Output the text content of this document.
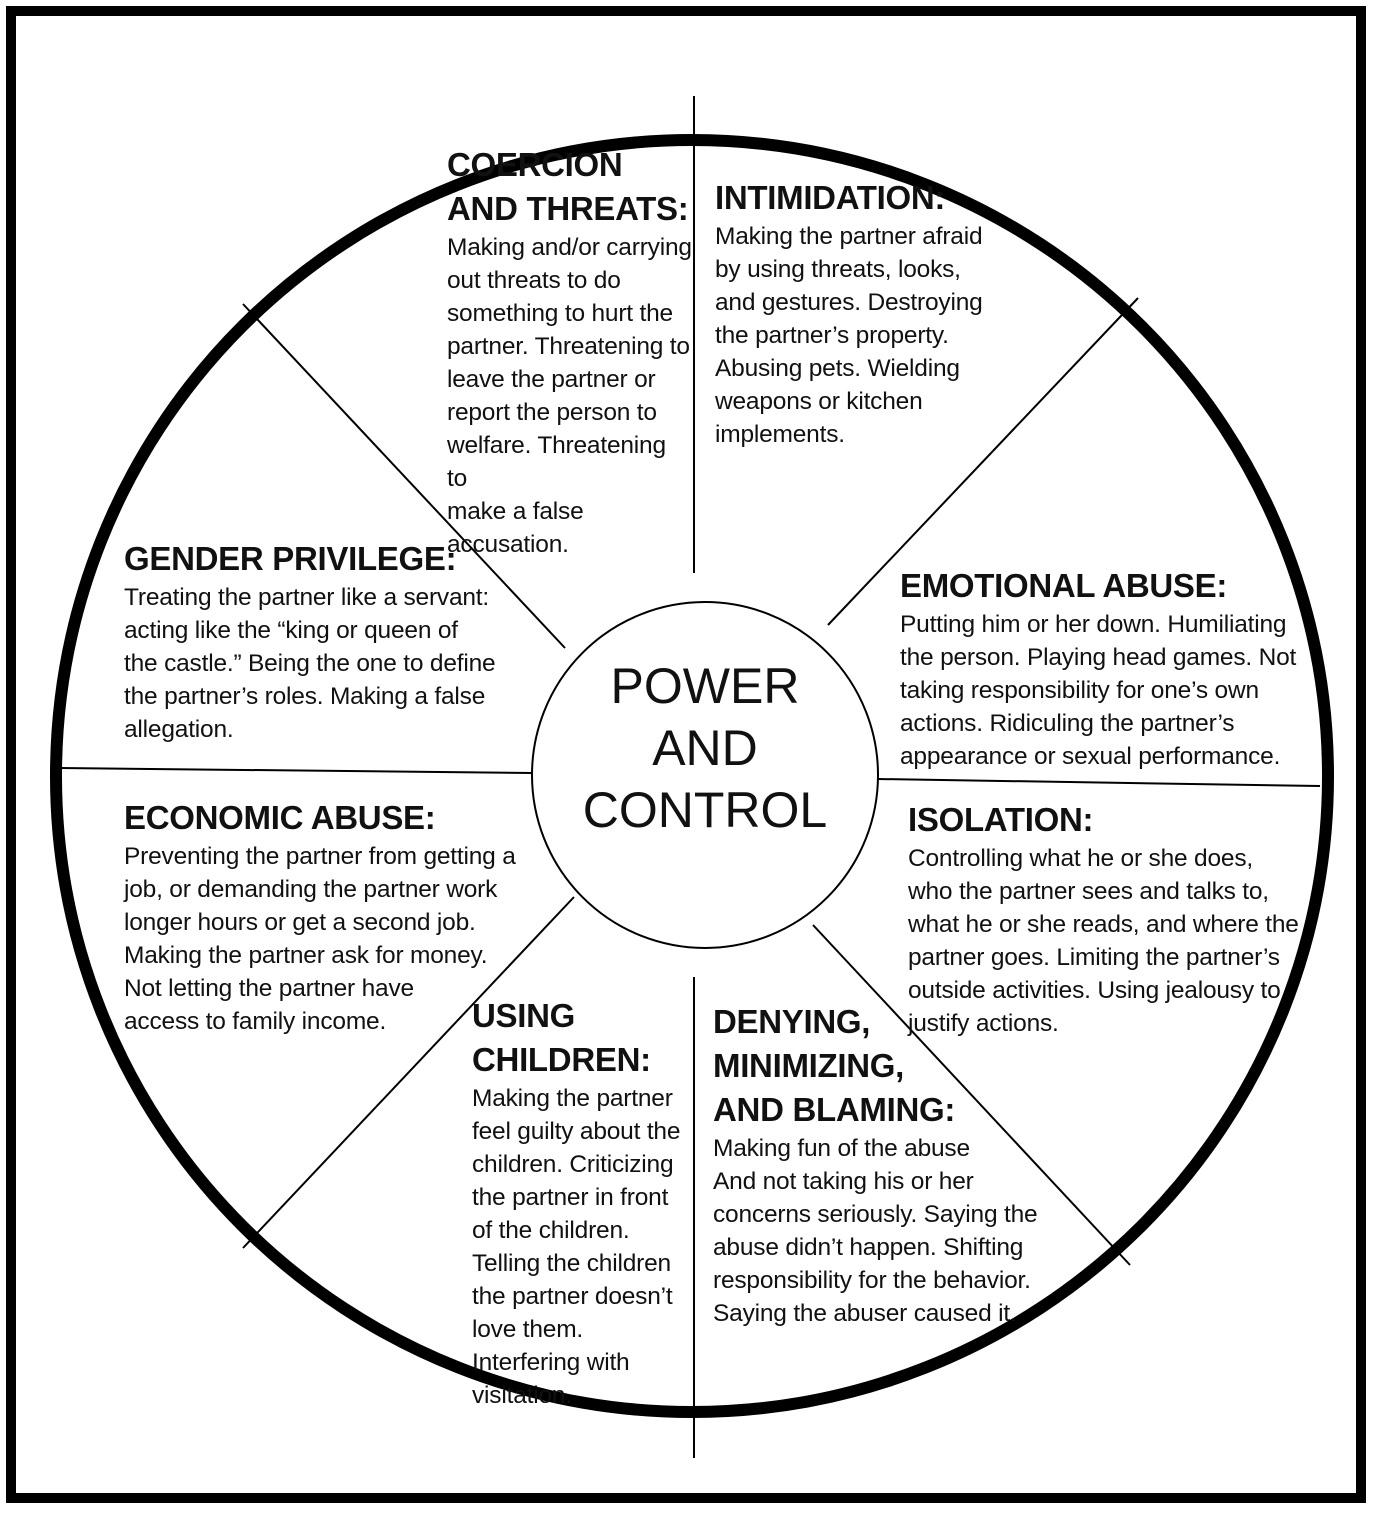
POWER
AND
CONTROL
COERCION
AND THREATS:
Making and/or carrying
out threats to do
something to hurt the
partner. Threatening to
leave the partner or
report the person to
welfare. Threatening to
make a false
accusation.
INTIMIDATION:
Making the partner afraid
by using threats, looks,
and gestures. Destroying
the partner’s property.
Abusing pets. Wielding
weapons or kitchen
implements.
EMOTIONAL ABUSE:
Putting him or her down. Humiliating
the person. Playing head games. Not
taking responsibility for one’s own
actions. Ridiculing the partner’s
appearance or sexual performance.
ISOLATION:
Controlling what he or she does,
who the partner sees and talks to,
what he or she reads, and where the
partner goes. Limiting the partner’s
outside activities. Using jealousy to
justify actions.
DENYING,
MINIMIZING,
AND BLAMING:
Making fun of the abuse
And not taking his or her
concerns seriously. Saying the
abuse didn’t happen. Shifting
responsibility for the behavior.
Saying the abuser caused it.
USING
CHILDREN:
Making the partner
feel guilty about the
children. Criticizing
the partner in front
of the children.
Telling the children
the partner doesn’t
love them.
Interfering with
visitation.
ECONOMIC ABUSE:
Preventing the partner from getting a
job, or demanding the partner work
longer hours or get a second job.
Making the partner ask for money.
Not letting the partner have
access to family income.
GENDER PRIVILEGE:
Treating the partner like a servant:
acting like the “king or queen of
the castle.” Being the one to define
the partner’s roles. Making a false
allegation.
